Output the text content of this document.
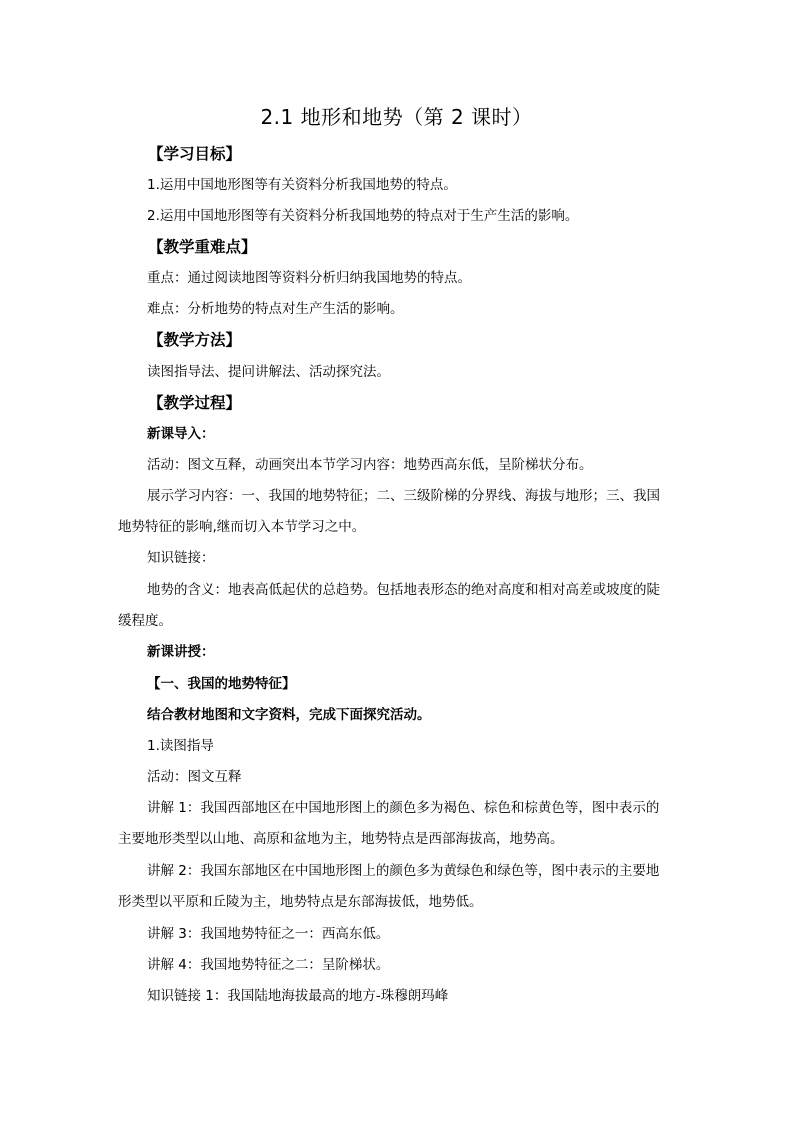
2.1 地形和地势（第 2 课时）
【学习目标】
1.运用中国地形图等有关资料分析我国地势的特点。
2.运用中国地形图等有关资料分析我国地势的特点对于生产生活的影响。
【教学重难点】
重点：通过阅读地图等资料分析归纳我国地势的特点。
难点：分析地势的特点对生产生活的影响。
【教学方法】
读图指导法、提问讲解法、活动探究法。
【教学过程】
新课导入：
活动：图文互释，动画突出本节学习内容：地势西高东低，呈阶梯状分布。
展示学习内容：一、我国的地势特征；二、三级阶梯的分界线、海拔与地形；三、我国
地势特征的影响,继而切入本节学习之中。
知识链接：
地势的含义：地表高低起伏的总趋势。包括地表形态的绝对高度和相对高差或坡度的陡
缓程度。
新课讲授：
【一、我国的地势特征】
结合教材地图和文字资料，完成下面探究活动。
1.读图指导
活动：图文互释
讲解 1：我国西部地区在中国地形图上的颜色多为褐色、棕色和棕黄色等，图中表示的
主要地形类型以山地、高原和盆地为主，地势特点是西部海拔高，地势高。
讲解 2：我国东部地区在中国地形图上的颜色多为黄绿色和绿色等，图中表示的主要地
形类型以平原和丘陵为主，地势特点是东部海拔低，地势低。
讲解 3：我国地势特征之一：西高东低。
讲解 4：我国地势特征之二：呈阶梯状。
知识链接 1：我国陆地海拔最高的地方-珠穆朗玛峰
